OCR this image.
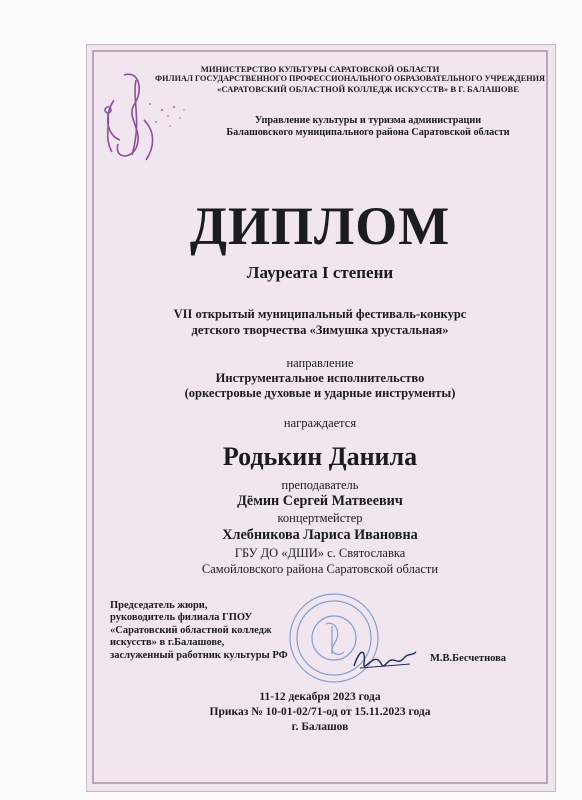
МИНИСТЕРСТВО КУЛЬТУРЫ САРАТОВСКОЙ ОБЛАСТИ
ФИЛИАЛ ГОСУДАРСТВЕННОГО ПРОФЕССИОНАЛЬНОГО ОБРАЗОВАТЕЛЬНОГО УЧРЕЖДЕНИЯ
«САРАТОВСКИЙ ОБЛАСТНОЙ КОЛЛЕДЖ ИСКУССТВ» В Г. БАЛАШОВЕ
Управление культуры и туризма администрации
Балашовского муниципального района Саратовской области
ДИПЛОМ
Лауреата I степени
VII открытый муниципальный фестиваль-конкурс
детского творчества «Зимушка хрустальная»
направление
Инструментальное исполнительство
(оркестровые духовые и ударные инструменты)
награждается
Родькин Данила
преподаватель
Дёмин Сергей Матвеевич
концертмейстер
Хлебникова Лариса Ивановна
ГБУ ДО «ДШИ» с. Святославка
Самойловского района Саратовской области
Председатель жюри,
руководитель филиала ГПОУ
«Саратовский областной колледж
искусств» в г.Балашове,
заслуженный работник культуры РФ	М.В.Бесчетнова
11-12 декабря 2023 года
Приказ № 10-01-02/71-од от 15.11.2023 года
г. Балашов
